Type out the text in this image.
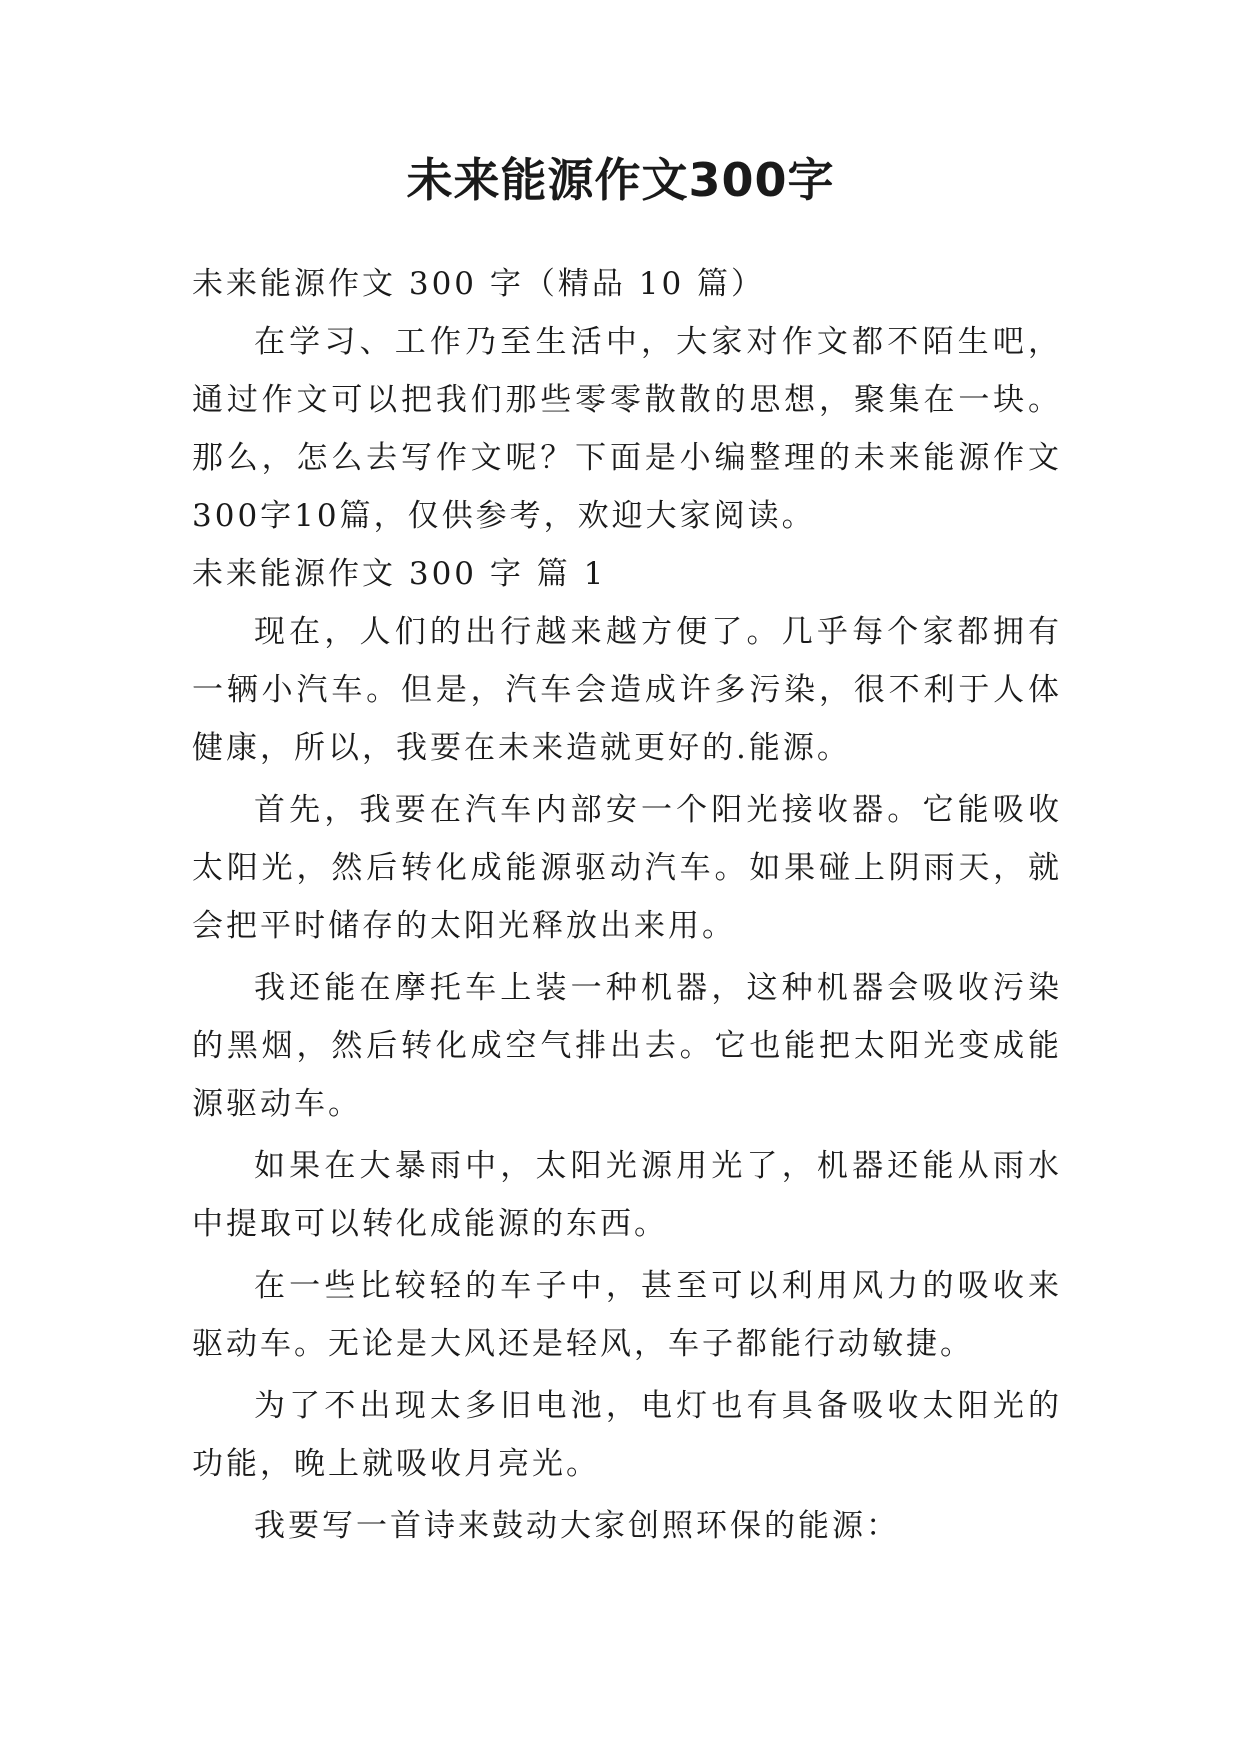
未来能源作文300字

未来能源作文 300 字（精品 10 篇）

在学习、工作乃至生活中，大家对作文都不陌生吧，通过作文可以把我们那些零零散散的思想，聚集在一块。那么，怎么去写作文呢？下面是小编整理的未来能源作文300字10篇，仅供参考，欢迎大家阅读。

未来能源作文 300 字 篇 1

现在，人们的出行越来越方便了。几乎每个家都拥有一辆小汽车。但是，汽车会造成许多污染，很不利于人体健康，所以，我要在未来造就更好的.能源。

首先，我要在汽车内部安一个阳光接收器。它能吸收太阳光，然后转化成能源驱动汽车。如果碰上阴雨天，就会把平时储存的太阳光释放出来用。

我还能在摩托车上装一种机器，这种机器会吸收污染的黑烟，然后转化成空气排出去。它也能把太阳光变成能源驱动车。

如果在大暴雨中，太阳光源用光了，机器还能从雨水中提取可以转化成能源的东西。

在一些比较轻的车子中，甚至可以利用风力的吸收来驱动车。无论是大风还是轻风，车子都能行动敏捷。

为了不出现太多旧电池，电灯也有具备吸收太阳光的功能，晚上就吸收月亮光。

我要写一首诗来鼓动大家创照环保的能源：
